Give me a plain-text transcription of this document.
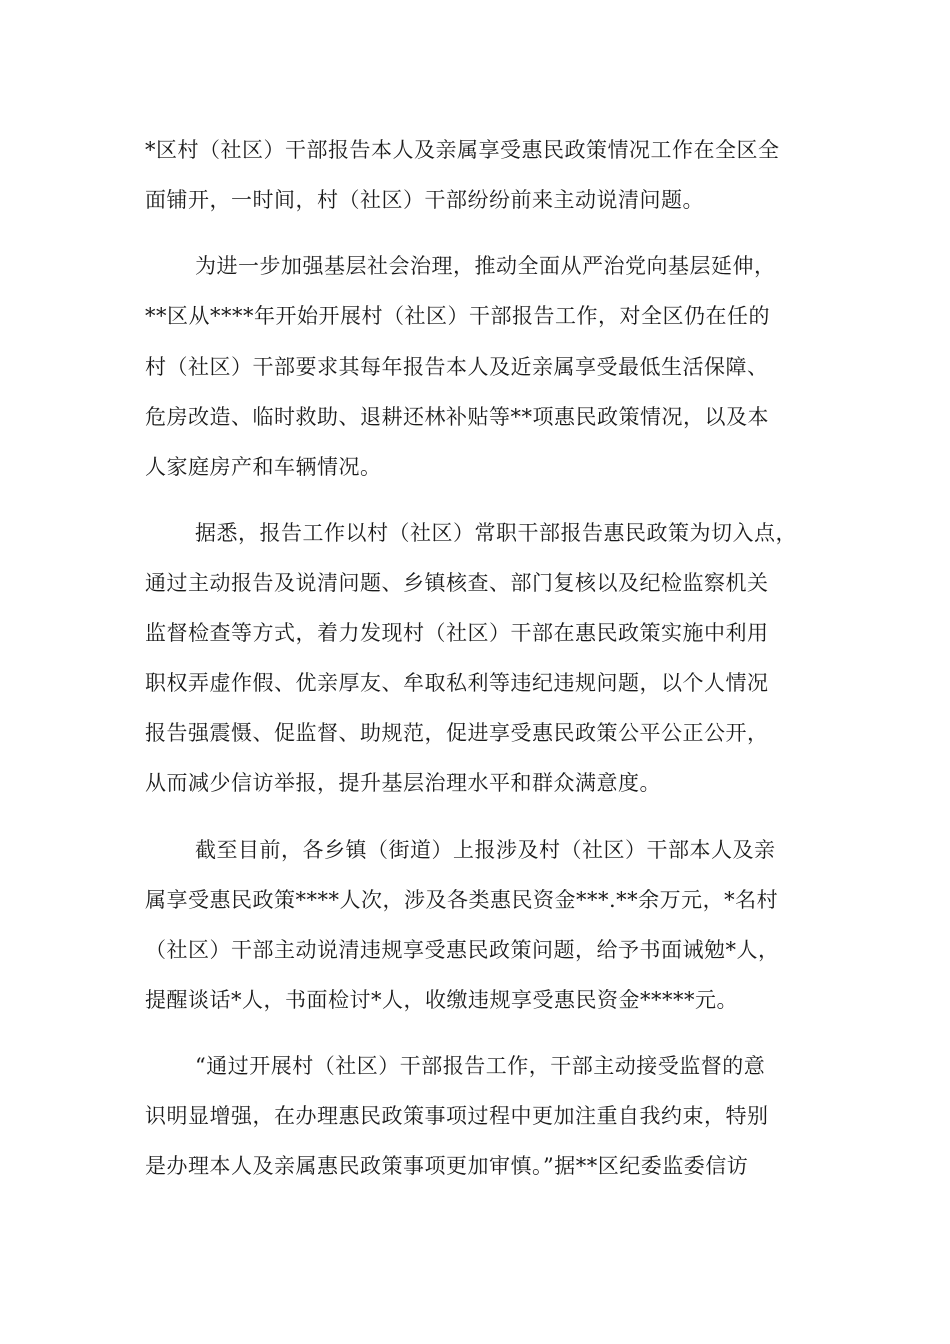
*区村（社区）干部报告本人及亲属享受惠民政策情况工作在全区全
面铺开，一时间，村（社区）干部纷纷前来主动说清问题。
为进一步加强基层社会治理，推动全面从严治党向基层延伸，
**区从****年开始开展村（社区）干部报告工作，对全区仍在任的
村（社区）干部要求其每年报告本人及近亲属享受最低生活保障、
危房改造、临时救助、退耕还林补贴等**项惠民政策情况，以及本
人家庭房产和车辆情况。
据悉，报告工作以村（社区）常职干部报告惠民政策为切入点，
通过主动报告及说清问题、乡镇核查、部门复核以及纪检监察机关
监督检查等方式，着力发现村（社区）干部在惠民政策实施中利用
职权弄虚作假、优亲厚友、牟取私利等违纪违规问题，以个人情况
报告强震慑、促监督、助规范，促进享受惠民政策公平公正公开，
从而减少信访举报，提升基层治理水平和群众满意度。
截至目前，各乡镇（街道）上报涉及村（社区）干部本人及亲
属享受惠民政策****人次，涉及各类惠民资金***.**余万元，*名村
（社区）干部主动说清违规享受惠民政策问题，给予书面诫勉*人，
提醒谈话*人，书面检讨*人，收缴违规享受惠民资金*****元。
“通过开展村（社区）干部报告工作，干部主动接受监督的意
识明显增强，在办理惠民政策事项过程中更加注重自我约束，特别
是办理本人及亲属惠民政策事项更加审慎。”据**区纪委监委信访
